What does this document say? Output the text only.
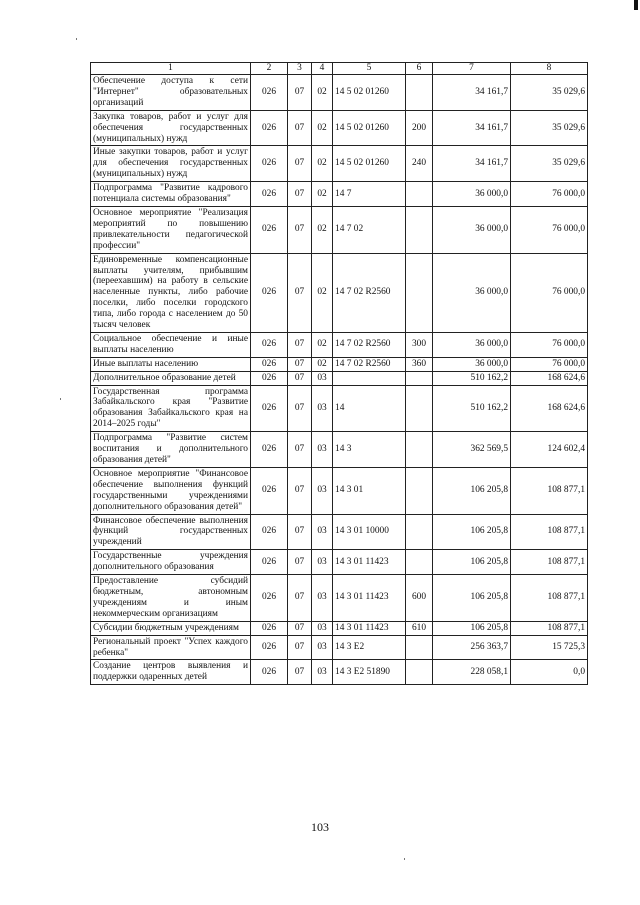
1	2	3	4	5	6	7	8
Обеспечение доступа к сети "Интернет" образовательных организаций	026	07	02	14 5 02 01260		34 161,7	35 029,6
Закупка товаров, работ и услуг для обеспечения государственных (муниципальных) нужд	026	07	02	14 5 02 01260	200	34 161,7	35 029,6
Иные закупки товаров, работ и услуг для обеспечения государственных (муниципальных) нужд	026	07	02	14 5 02 01260	240	34 161,7	35 029,6
Подпрограмма "Развитие кадрового потенциала системы образования"	026	07	02	14 7		36 000,0	76 000,0
Основное мероприятие "Реализация мероприятий по повышению привлекательности педагогической профессии"	026	07	02	14 7 02		36 000,0	76 000,0
Единовременные компенсационные выплаты учителям, прибывшим (переехавшим) на работу в сельские населенные пункты, либо рабочие поселки, либо поселки городского типа, либо города с населением до 50 тысяч человек	026	07	02	14 7 02 R2560		36 000,0	76 000,0
Социальное обеспечение и иные выплаты населению	026	07	02	14 7 02 R2560	300	36 000,0	76 000,0
Иные выплаты населению	026	07	02	14 7 02 R2560	360	36 000,0	76 000,0
Дополнительное образование детей	026	07	03			510 162,2	168 624,6
Государственная программа Забайкальского края "Развитие образования Забайкальского края на 2014–2025 годы"	026	07	03	14		510 162,2	168 624,6
Подпрограмма "Развитие систем воспитания и дополнительного образования детей"	026	07	03	14 3		362 569,5	124 602,4
Основное мероприятие "Финансовое обеспечение выполнения функций государственными учреждениями дополнительного образования детей"	026	07	03	14 3 01		106 205,8	108 877,1
Финансовое обеспечение выполнения функций государственных учреждений	026	07	03	14 3 01 10000		106 205,8	108 877,1
Государственные учреждения дополнительного образования	026	07	03	14 3 01 11423		106 205,8	108 877,1
Предоставление субсидий бюджетным, автономным учреждениям и иным некоммерческим организациям	026	07	03	14 3 01 11423	600	106 205,8	108 877,1
Субсидии бюджетным учреждениям	026	07	03	14 3 01 11423	610	106 205,8	108 877,1
Региональный проект "Успех каждого ребенка"	026	07	03	14 3 E2		256 363,7	15 725,3
Создание центров выявления и поддержки одаренных детей	026	07	03	14 3 E2 51890		228 058,1	0,0
103
